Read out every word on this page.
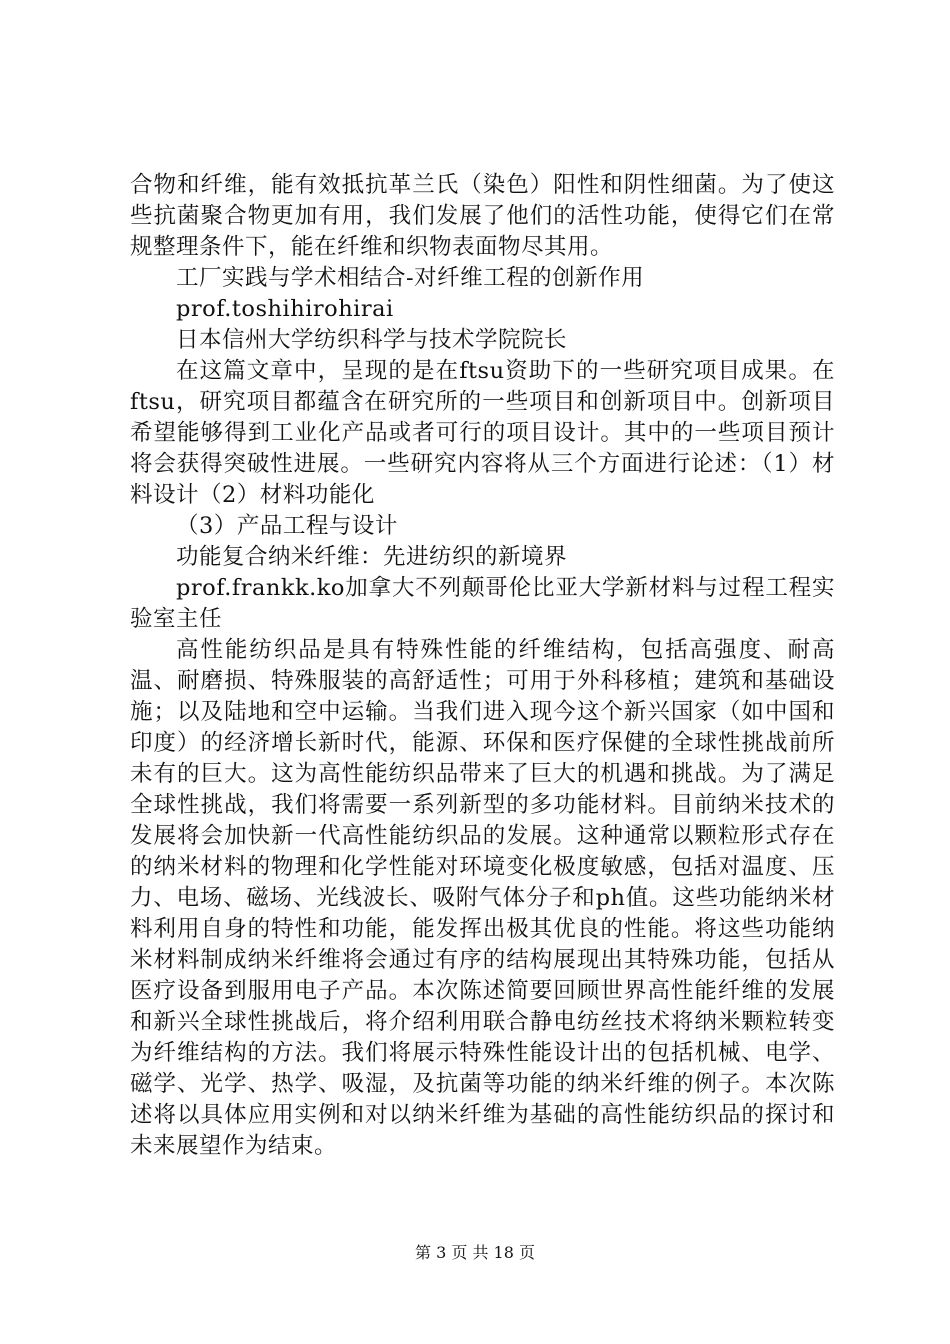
合物和纤维，能有效抵抗革兰氏（染色）阳性和阴性细菌。为了使这些抗菌聚合物更加有用，我们发展了他们的活性功能，使得它们在常规整理条件下，能在纤维和织物表面物尽其用。

工厂实践与学术相结合-对纤维工程的创新作用

prof.toshihirohirai

日本信州大学纺织科学与技术学院院长

在这篇文章中，呈现的是在ftsu资助下的一些研究项目成果。在ftsu，研究项目都蕴含在研究所的一些项目和创新项目中。创新项目希望能够得到工业化产品或者可行的项目设计。其中的一些项目预计将会获得突破性进展。一些研究内容将从三个方面进行论述：（1）材料设计（2）材料功能化

（3）产品工程与设计

功能复合纳米纤维：先进纺织的新境界

prof.frankk.ko加拿大不列颠哥伦比亚大学新材料与过程工程实验室主任

高性能纺织品是具有特殊性能的纤维结构，包括高强度、耐高温、耐磨损、特殊服装的高舒适性；可用于外科移植；建筑和基础设施；以及陆地和空中运输。当我们进入现今这个新兴国家（如中国和印度）的经济增长新时代，能源、环保和医疗保健的全球性挑战前所未有的巨大。这为高性能纺织品带来了巨大的机遇和挑战。为了满足全球性挑战，我们将需要一系列新型的多功能材料。目前纳米技术的发展将会加快新一代高性能纺织品的发展。这种通常以颗粒形式存在的纳米材料的物理和化学性能对环境变化极度敏感，包括对温度、压力、电场、磁场、光线波长、吸附气体分子和ph值。这些功能纳米材料利用自身的特性和功能，能发挥出极其优良的性能。将这些功能纳米材料制成纳米纤维将会通过有序的结构展现出其特殊功能，包括从医疗设备到服用电子产品。本次陈述简要回顾世界高性能纤维的发展和新兴全球性挑战后，将介绍利用联合静电纺丝技术将纳米颗粒转变为纤维结构的方法。我们将展示特殊性能设计出的包括机械、电学、磁学、光学、热学、吸湿，及抗菌等功能的纳米纤维的例子。本次陈述将以具体应用实例和对以纳米纤维为基础的高性能纺织品的探讨和未来展望作为结束。

第 3 页 共 18 页
